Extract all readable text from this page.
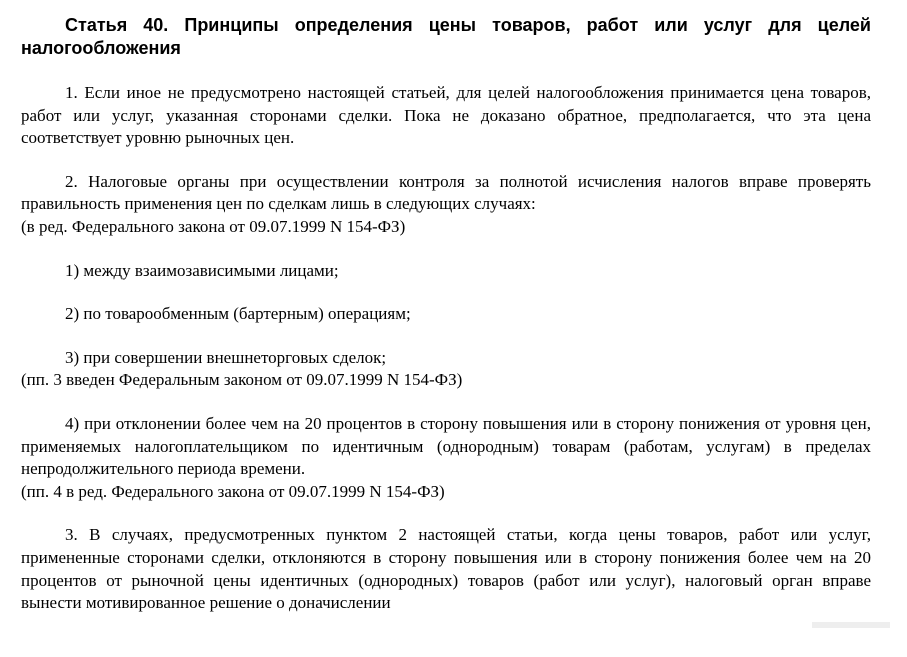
Статья 40. Принципы определения цены товаров, работ или услуг для целей налогообложения

1. Если иное не предусмотрено настоящей статьей, для целей налогообложения принимается цена товаров, работ или услуг, указанная сторонами сделки. Пока не доказано обратное, предполагается, что эта цена соответствует уровню рыночных цен.

2. Налоговые органы при осуществлении контроля за полнотой исчисления налогов вправе проверять правильность применения цен по сделкам лишь в следующих случаях:

(в ред. Федерального закона от 09.07.1999 N 154-ФЗ)

1) между взаимозависимыми лицами;

2) по товарообменным (бартерным) операциям;

3) при совершении внешнеторговых сделок;

(пп. 3 введен Федеральным законом от 09.07.1999 N 154-ФЗ)

4) при отклонении более чем на 20 процентов в сторону повышения или в сторону понижения от уровня цен, применяемых налогоплательщиком по идентичным (однородным) товарам (работам, услугам) в пределах непродолжительного периода времени.

(пп. 4 в ред. Федерального закона от 09.07.1999 N 154-ФЗ)

3. В случаях, предусмотренных пунктом 2 настоящей статьи, когда цены товаров, работ или услуг, примененные сторонами сделки, отклоняются в сторону повышения или в сторону понижения более чем на 20 процентов от рыночной цены идентичных (однородных) товаров (работ или услуг), налоговый орган вправе вынести мотивированное решение о доначислении
